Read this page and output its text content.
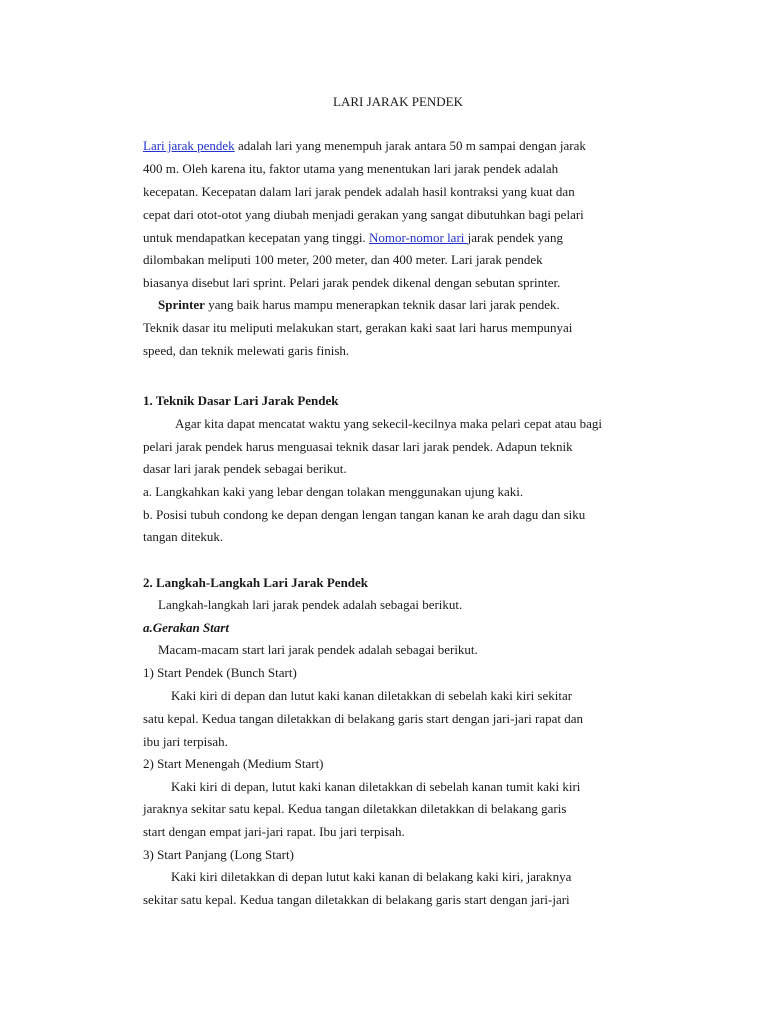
LARI JARAK PENDEK
Lari jarak pendek adalah lari yang menempuh jarak antara 50 m sampai dengan jarak
400 m. Oleh karena itu, faktor utama yang menentukan lari jarak pendek adalah
kecepatan. Kecepatan dalam lari jarak pendek adalah hasil kontraksi yang kuat dan
cepat dari otot-otot yang diubah menjadi gerakan yang sangat dibutuhkan bagi pelari
untuk mendapatkan kecepatan yang tinggi. Nomor-nomor lari jarak pendek yang
dilombakan meliputi 100 meter, 200 meter, dan 400 meter. Lari jarak pendek
biasanya disebut lari sprint. Pelari jarak pendek dikenal dengan sebutan sprinter.
Sprinter yang baik harus mampu menerapkan teknik dasar lari jarak pendek.
Teknik dasar itu meliputi melakukan start, gerakan kaki saat lari harus mempunyai
speed, dan teknik melewati garis finish.
1. Teknik Dasar Lari Jarak Pendek
Agar kita dapat mencatat waktu yang sekecil-kecilnya maka pelari cepat atau bagi
pelari jarak pendek harus menguasai teknik dasar lari jarak pendek. Adapun teknik
dasar lari jarak pendek sebagai berikut.
a. Langkahkan kaki yang lebar dengan tolakan menggunakan ujung kaki.
b. Posisi tubuh condong ke depan dengan lengan tangan kanan ke arah dagu dan siku
tangan ditekuk.
2. Langkah-Langkah Lari Jarak Pendek
Langkah-langkah lari jarak pendek adalah sebagai berikut.
a.Gerakan Start
Macam-macam start lari jarak pendek adalah sebagai berikut.
1) Start Pendek (Bunch Start)
Kaki kiri di depan dan lutut kaki kanan diletakkan di sebelah kaki kiri sekitar
satu kepal. Kedua tangan diletakkan di belakang garis start dengan jari-jari rapat dan
ibu jari terpisah.
2) Start Menengah (Medium Start)
Kaki kiri di depan, lutut kaki kanan diletakkan di sebelah kanan tumit kaki kiri
jaraknya sekitar satu kepal. Kedua tangan diletakkan diletakkan di belakang garis
start dengan empat jari-jari rapat. Ibu jari terpisah.
3) Start Panjang (Long Start)
Kaki kiri diletakkan di depan lutut kaki kanan di belakang kaki kiri, jaraknya
sekitar satu kepal. Kedua tangan diletakkan di belakang garis start dengan jari-jari
